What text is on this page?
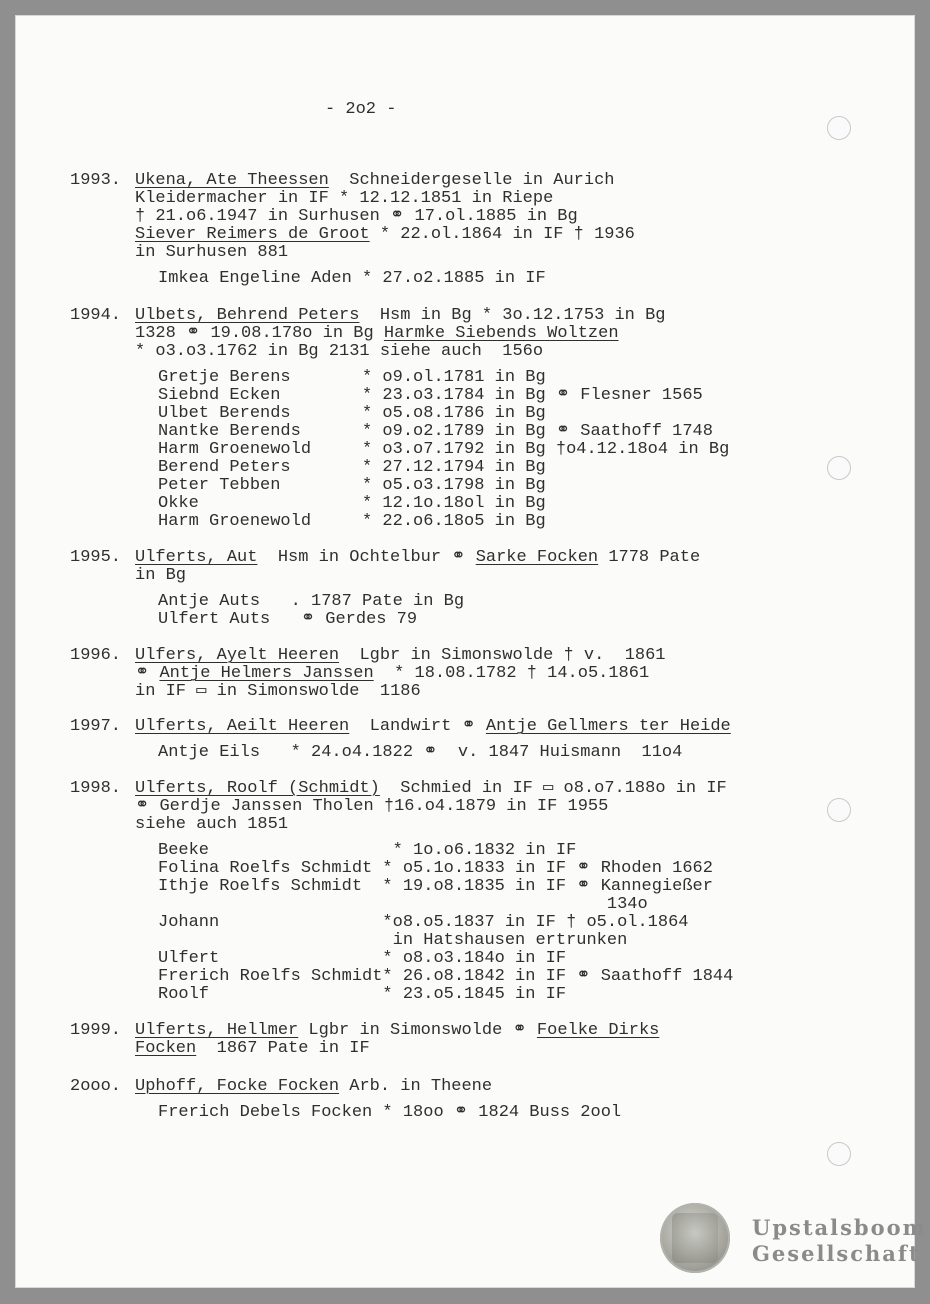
- 2o2 -
1993. Ukena, Ate Theessen  Schneidergeselle in Aurich
Kleidermacher in IF * 12.12.1851 in Riepe
† 21.o6.1947 in Surhusen ⚭ 17.ol.1885 in Bg
Siever Reimers de Groot * 22.ol.1864 in IF † 1936
in Surhusen 881
Imkea Engeline Aden * 27.o2.1885 in IF
1994. Ulbets, Behrend Peters  Hsm in Bg * 3o.12.1753 in Bg
1328 ⚭ 19.08.178o in Bg Harmke Siebends Woltzen
* o3.o3.1762 in Bg 2131 siehe auch  156o
Gretje Berens       * o9.ol.1781 in Bg
Siebnd Ecken        * 23.o3.1784 in Bg ⚭ Flesner 1565
Ulbet Berends       * o5.o8.1786 in Bg
Nantke Berends      * o9.o2.1789 in Bg ⚭ Saathoff 1748
Harm Groenewold     * o3.o7.1792 in Bg †o4.12.18o4 in Bg
Berend Peters       * 27.12.1794 in Bg
Peter Tebben        * o5.o3.1798 in Bg
Okke                * 12.1o.18ol in Bg
Harm Groenewold     * 22.o6.18o5 in Bg
1995. Ulferts, Aut  Hsm in Ochtelbur ⚭ Sarke Focken 1778 Pate
in Bg
Antje Auts   . 1787 Pate in Bg
Ulfert Auts   ⚭ Gerdes 79
1996. Ulfers, Ayelt Heeren  Lgbr in Simonswolde † v.  1861
⚭ Antje Helmers Janssen  * 18.08.1782 † 14.o5.1861
in IF ▭ in Simonswolde  1186
1997. Ulferts, Aeilt Heeren  Landwirt ⚭ Antje Gellmers ter Heide
Antje Eils   * 24.o4.1822 ⚭  v. 1847 Huismann  11o4
1998. Ulferts, Roolf (Schmidt)  Schmied in IF ▭ o8.o7.188o in IF
⚭ Gerdje Janssen Tholen †16.o4.1879 in IF 1955
siehe auch 1851
Beeke                  * 1o.o6.1832 in IF
Folina Roelfs Schmidt * o5.1o.1833 in IF ⚭ Rhoden 1662
Ithje Roelfs Schmidt  * 19.o8.1835 in IF ⚭ Kannegießer
134o
Johann                *o8.o5.1837 in IF † o5.ol.1864
in Hatshausen ertrunken
Ulfert                * o8.o3.184o in IF
Frerich Roelfs Schmidt* 26.o8.1842 in IF ⚭ Saathoff 1844
Roolf                 * 23.o5.1845 in IF
1999. Ulferts, Hellmer Lgbr in Simonswolde ⚭ Foelke Dirks
Focken  1867 Pate in IF
2ooo. Uphoff, Focke Focken Arb. in Theene
Frerich Debels Focken * 18oo ⚭ 1824 Buss 2ool
Upstalsboom
Gesellschaft
